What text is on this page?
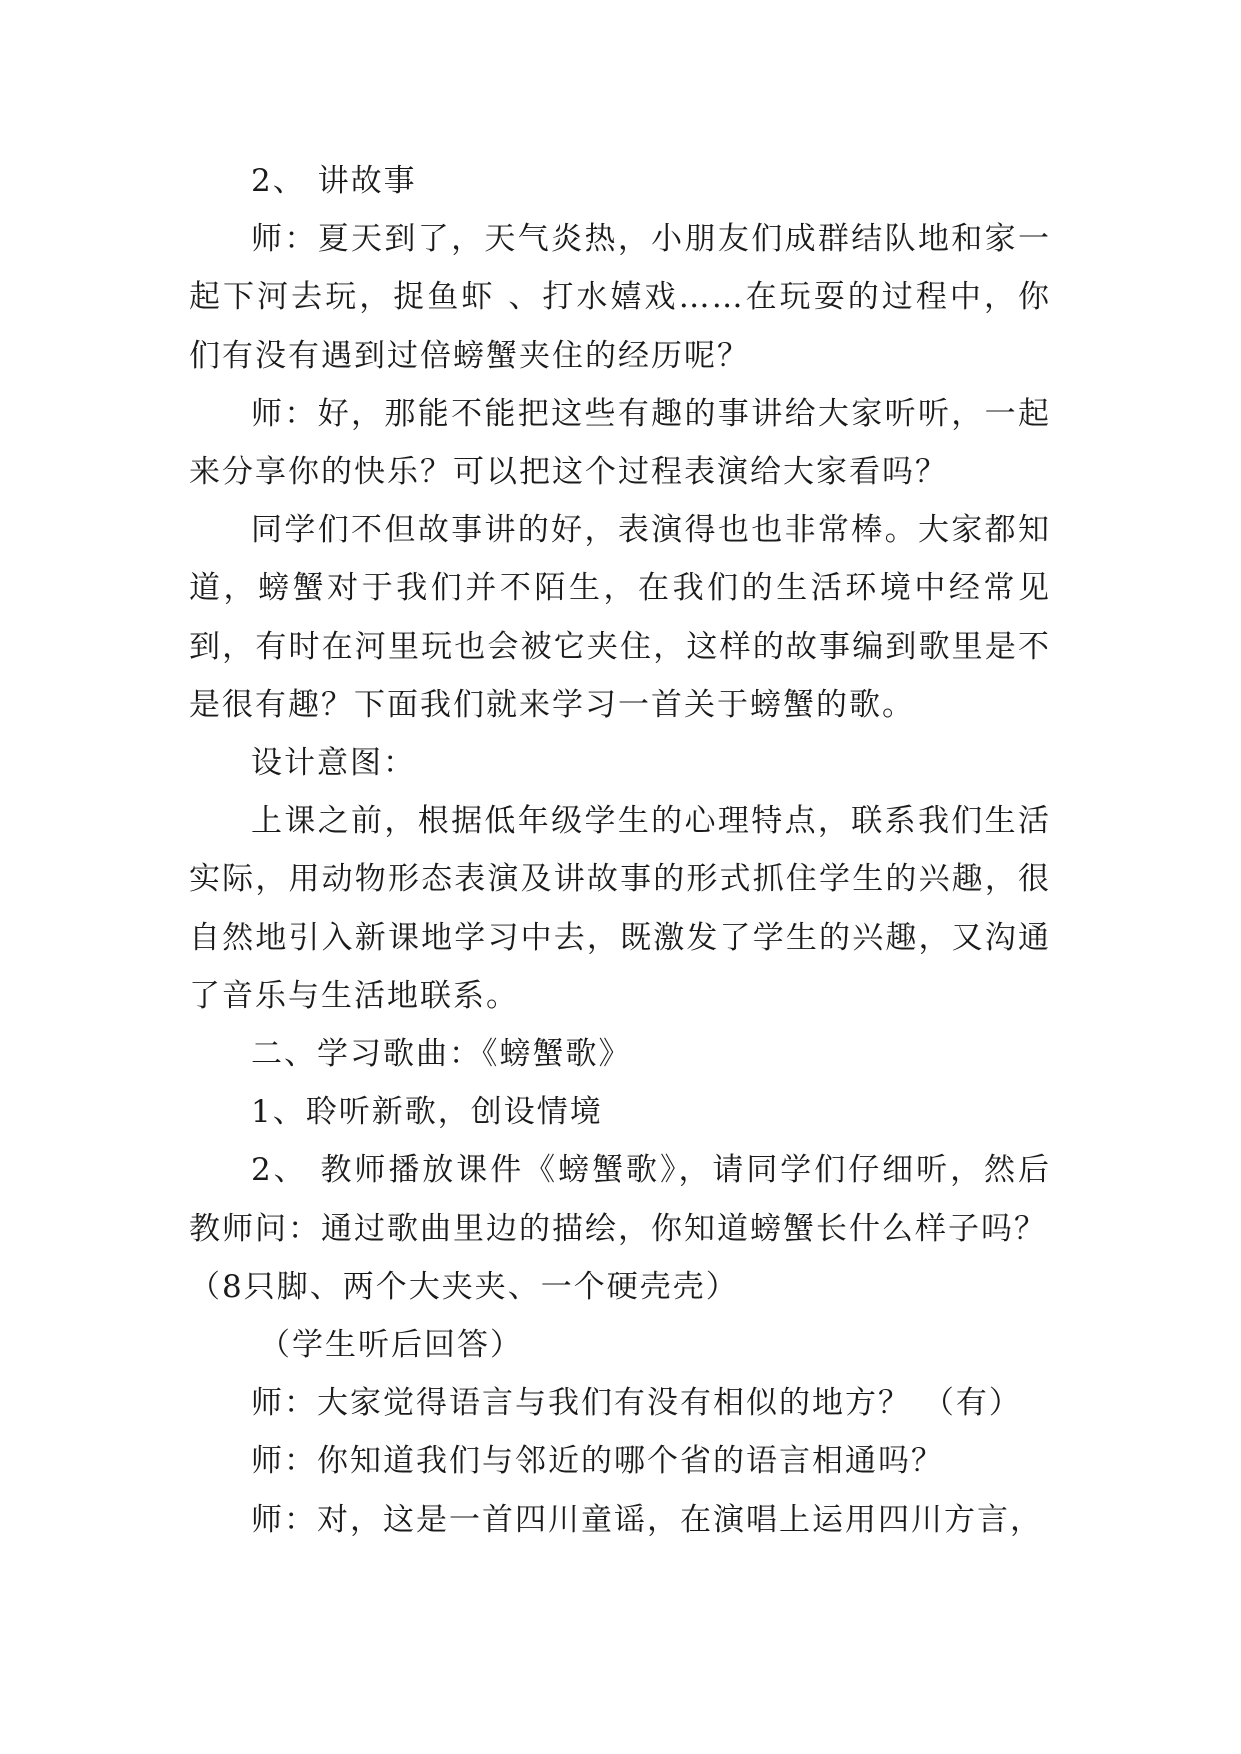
2、 讲故事

师：夏天到了，天气炎热，小朋友们成群结队地和家一起下河去玩，捉鱼虾 、打水嬉戏……在玩耍的过程中，你们有没有遇到过倍螃蟹夹住的经历呢？

师：好，那能不能把这些有趣的事讲给大家听听，一起来分享你的快乐？可以把这个过程表演给大家看吗？

同学们不但故事讲的好，表演得也也非常棒。大家都知道，螃蟹对于我们并不陌生，在我们的生活环境中经常见到，有时在河里玩也会被它夹住，这样的故事编到歌里是不是很有趣？下面我们就来学习一首关于螃蟹的歌。

设计意图：

上课之前，根据低年级学生的心理特点，联系我们生活实际，用动物形态表演及讲故事的形式抓住学生的兴趣，很自然地引入新课地学习中去，既激发了学生的兴趣，又沟通了音乐与生活地联系。

二、学习歌曲：《螃蟹歌》

1、聆听新歌，创设情境

2、 教师播放课件《螃蟹歌》，请同学们仔细听，然后教师问：通过歌曲里边的描绘，你知道螃蟹长什么样子吗？

（8只脚、两个大夹夹、一个硬壳壳）

（学生听后回答）

师：大家觉得语言与我们有没有相似的地方？ （有）

师：你知道我们与邻近的哪个省的语言相通吗？

师：对，这是一首四川童谣，在演唱上运用四川方言，
